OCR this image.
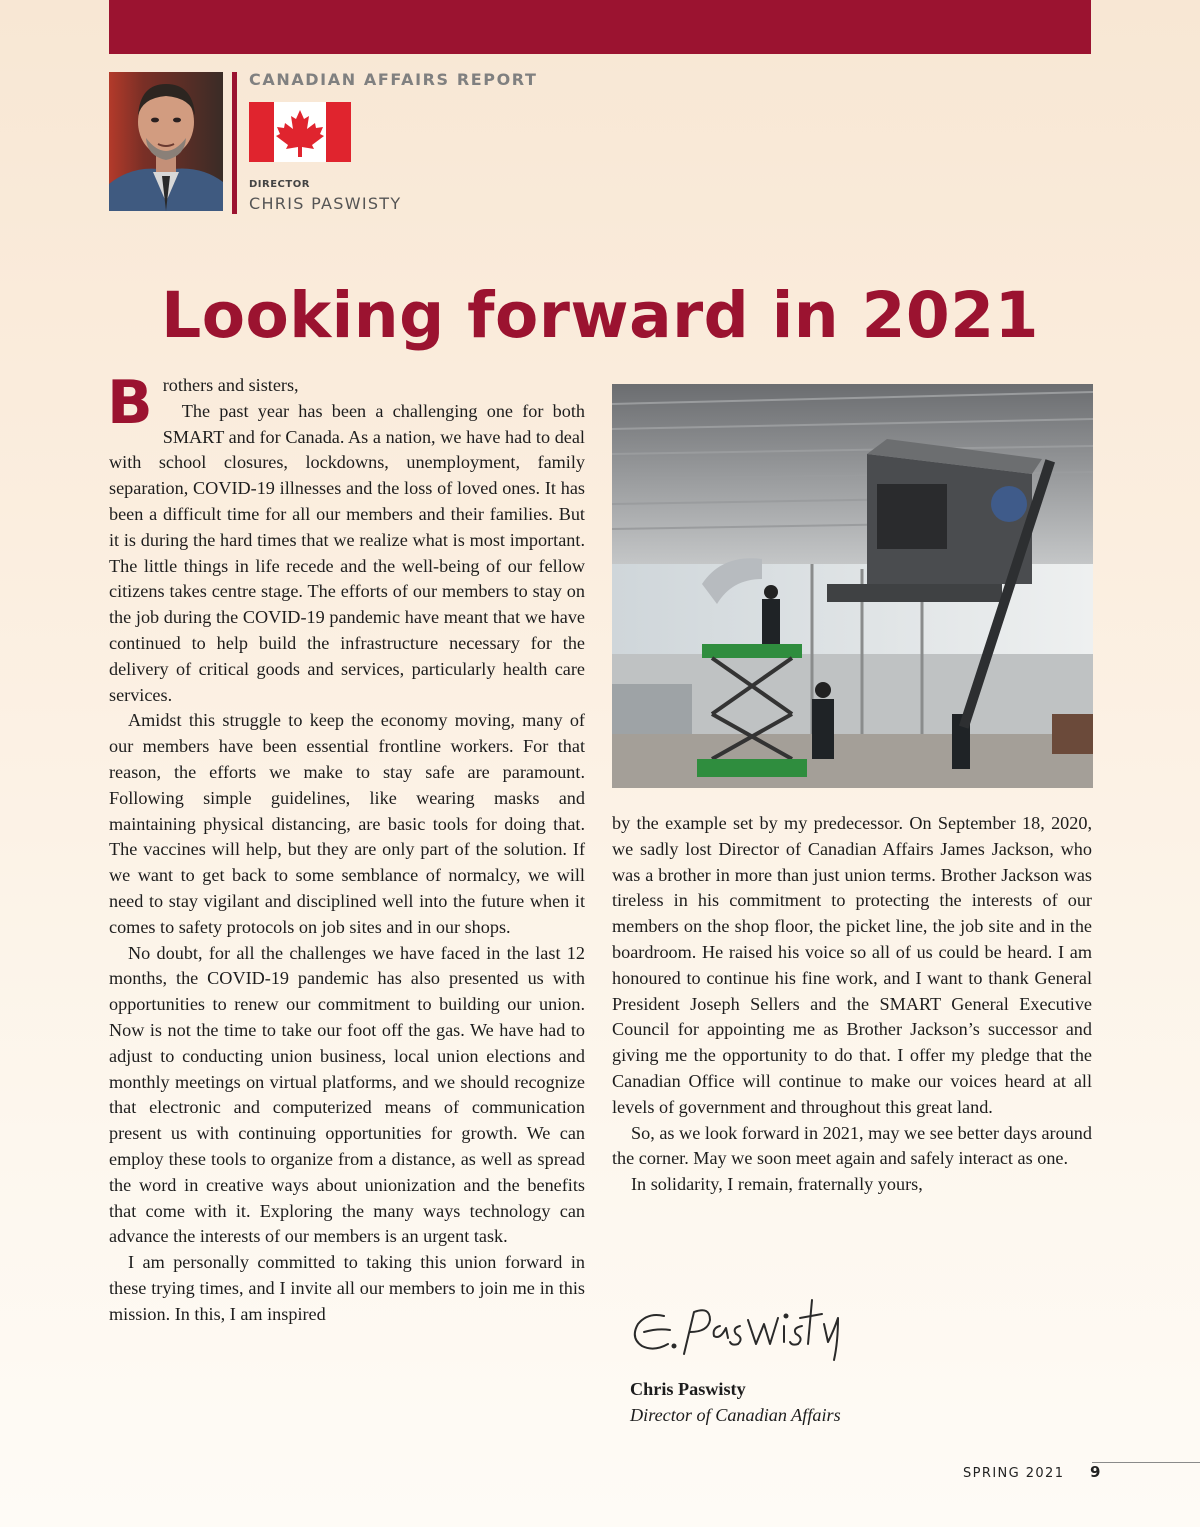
CANADIAN AFFAIRS REPORT

DIRECTOR

CHRIS PASWISTY

Looking forward in 2021
B rothers and sisters,

The past year has been a challenging one for both SMART and for Canada. As a nation, we have had to deal with school closures, lockdowns, unemployment, family separation, COVID-19 illnesses and the loss of loved ones. It has been a difficult time for all our members and their families. But it is during the hard times that we realize what is most important. The little things in life recede and the well-being of our fellow citizens takes centre stage. The efforts of our members to stay on the job during the COVID-19 pandemic have meant that we have continued to help build the infrastructure necessary for the delivery of critical goods and services, particularly health care services.

Amidst this struggle to keep the economy moving, many of our members have been essential frontline workers. For that reason, the efforts we make to stay safe are paramount. Following simple guidelines, like wearing masks and maintaining physical distancing, are basic tools for doing that. The vaccines will help, but they are only part of the solution. If we want to get back to some semblance of normalcy, we will need to stay vigilant and disciplined well into the future when it comes to safety protocols on job sites and in our shops.

No doubt, for all the challenges we have faced in the last 12 months, the COVID-19 pandemic has also presented us with opportunities to renew our commitment to building our union. Now is not the time to take our foot off the gas. We have had to adjust to conducting union business, local union elections and monthly meetings on virtual platforms, and we should recognize that electronic and computerized means of communication present us with continuing opportunities for growth. We can employ these tools to organize from a distance, as well as spread the word in creative ways about unionization and the benefits that come with it. Exploring the many ways technology can advance the interests of our members is an urgent task.

I am personally committed to taking this union forward in these trying times, and I invite all our members to join me in this mission. In this, I am inspired

by the example set by my predecessor. On September 18, 2020, we sadly lost Director of Canadian Affairs James Jackson, who was a brother in more than just union terms. Brother Jackson was tireless in his commitment to protecting the interests of our members on the shop floor, the picket line, the job site and in the boardroom. He raised his voice so all of us could be heard. I am honoured to continue his fine work, and I want to thank General President Joseph Sellers and the SMART General Executive Council for appointing me as Brother Jackson’s successor and giving me the opportunity to do that. I offer my pledge that the Canadian Office will continue to make our voices heard at all levels of government and throughout this great land.

So, as we look forward in 2021, may we see better days around the corner. May we soon meet again and safely interact as one.

In solidarity, I remain, fraternally yours,

Chris Paswisty

Director of Canadian Affairs

SPRING 2021 9
